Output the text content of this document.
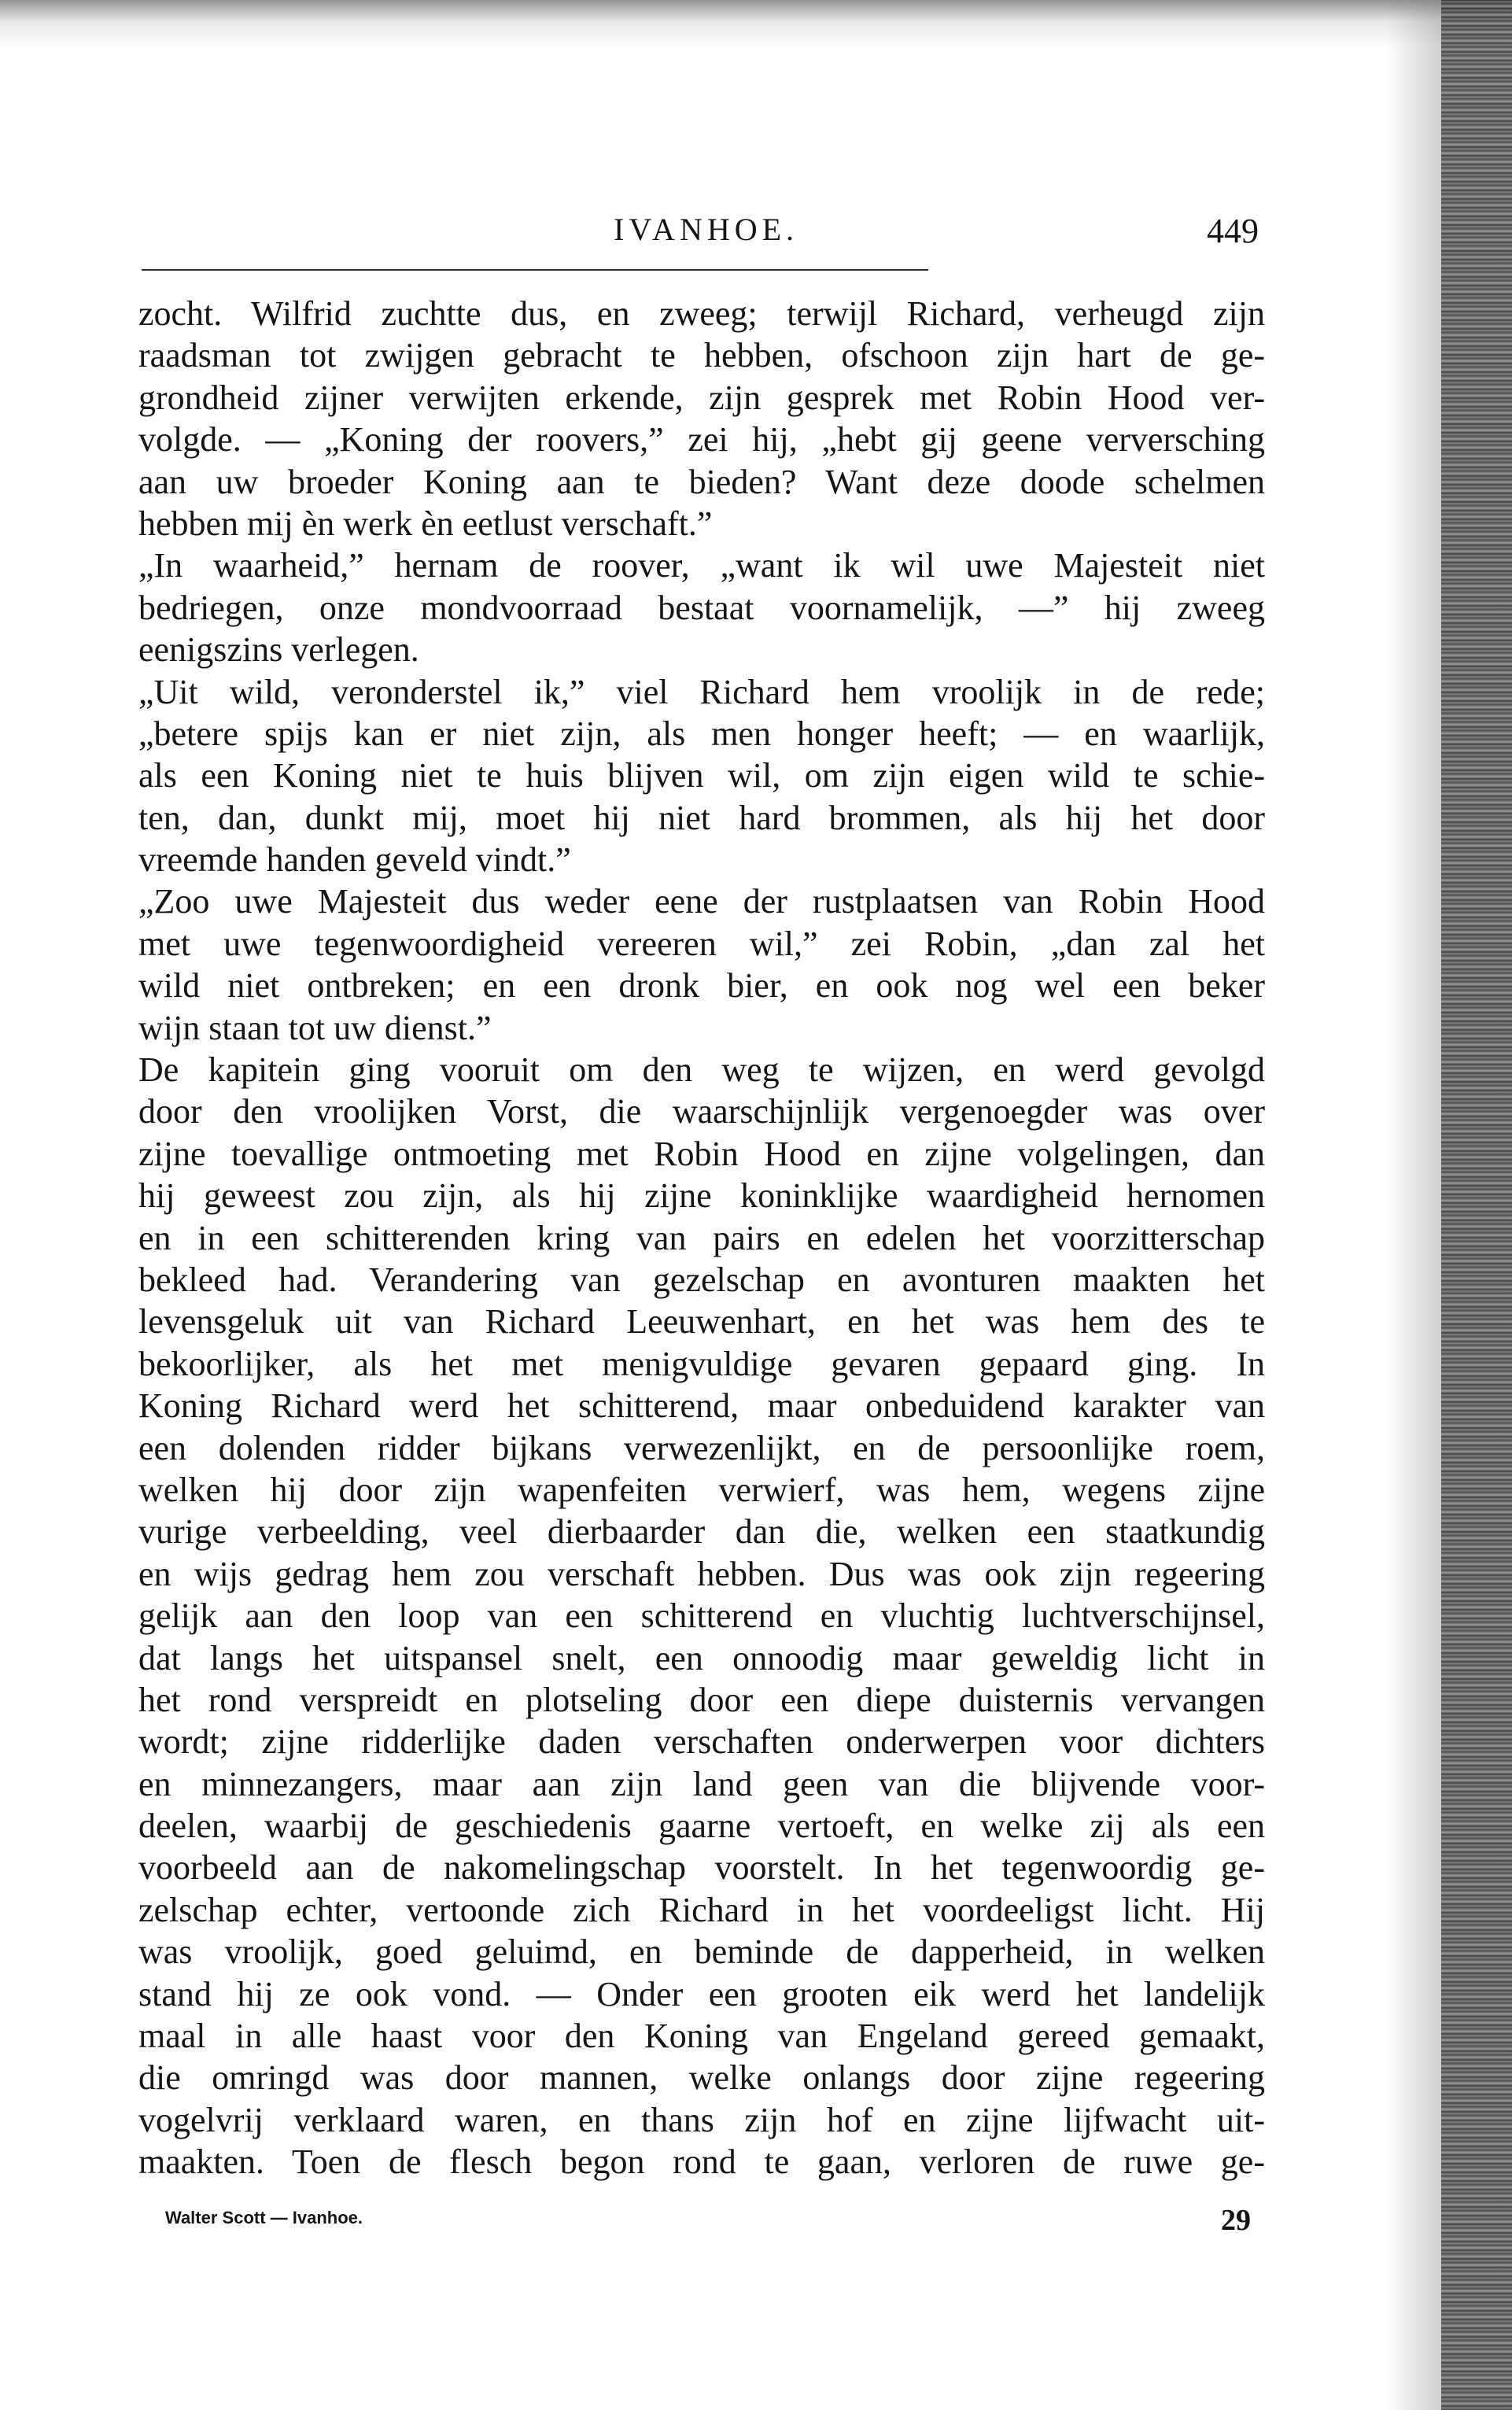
IVANHOE.	449
zocht. Wilfrid zuchtte dus, en zweeg; terwijl Richard, verheugd zijn
raadsman tot zwijgen gebracht te hebben, ofschoon zijn hart de ge-
grondheid zijner verwijten erkende, zijn gesprek met Robin Hood ver-
volgde. — „Koning der roovers,” zei hij, „hebt gij geene verversching
aan uw broeder Koning aan te bieden? Want deze doode schelmen
hebben mij èn werk èn eetlust verschaft.”
„In waarheid,” hernam de roover, „want ik wil uwe Majesteit niet
bedriegen, onze mondvoorraad bestaat voornamelijk, —” hij zweeg
eenigszins verlegen.
„Uit wild, veronderstel ik,” viel Richard hem vroolijk in de rede;
„betere spijs kan er niet zijn, als men honger heeft; — en waarlijk,
als een Koning niet te huis blijven wil, om zijn eigen wild te schie-
ten, dan, dunkt mij, moet hij niet hard brommen, als hij het door
vreemde handen geveld vindt.”
„Zoo uwe Majesteit dus weder eene der rustplaatsen van Robin Hood
met uwe tegenwoordigheid vereeren wil,” zei Robin, „dan zal het
wild niet ontbreken; en een dronk bier, en ook nog wel een beker
wijn staan tot uw dienst.”
De kapitein ging vooruit om den weg te wijzen, en werd gevolgd
door den vroolijken Vorst, die waarschijnlijk vergenoegder was over
zijne toevallige ontmoeting met Robin Hood en zijne volgelingen, dan
hij geweest zou zijn, als hij zijne koninklijke waardigheid hernomen
en in een schitterenden kring van pairs en edelen het voorzitterschap
bekleed had. Verandering van gezelschap en avonturen maakten het
levensgeluk uit van Richard Leeuwenhart, en het was hem des te
bekoorlijker, als het met menigvuldige gevaren gepaard ging. In
Koning Richard werd het schitterend, maar onbeduidend karakter van
een dolenden ridder bijkans verwezenlijkt, en de persoonlijke roem,
welken hij door zijn wapenfeiten verwierf, was hem, wegens zijne
vurige verbeelding, veel dierbaarder dan die, welken een staatkundig
en wijs gedrag hem zou verschaft hebben. Dus was ook zijn regeering
gelijk aan den loop van een schitterend en vluchtig luchtverschijnsel,
dat langs het uitspansel snelt, een onnoodig maar geweldig licht in
het rond verspreidt en plotseling door een diepe duisternis vervangen
wordt; zijne ridderlijke daden verschaften onderwerpen voor dichters
en minnezangers, maar aan zijn land geen van die blijvende voor-
deelen, waarbij de geschiedenis gaarne vertoeft, en welke zij als een
voorbeeld aan de nakomelingschap voorstelt. In het tegenwoordig ge-
zelschap echter, vertoonde zich Richard in het voordeeligst licht. Hij
was vroolijk, goed geluimd, en beminde de dapperheid, in welken
stand hij ze ook vond. — Onder een grooten eik werd het landelijk
maal in alle haast voor den Koning van Engeland gereed gemaakt,
die omringd was door mannen, welke onlangs door zijne regeering
vogelvrij verklaard waren, en thans zijn hof en zijne lijfwacht uit-
maakten. Toen de flesch begon rond te gaan, verloren de ruwe ge-
Walter Scott — Ivanhoe.	29
